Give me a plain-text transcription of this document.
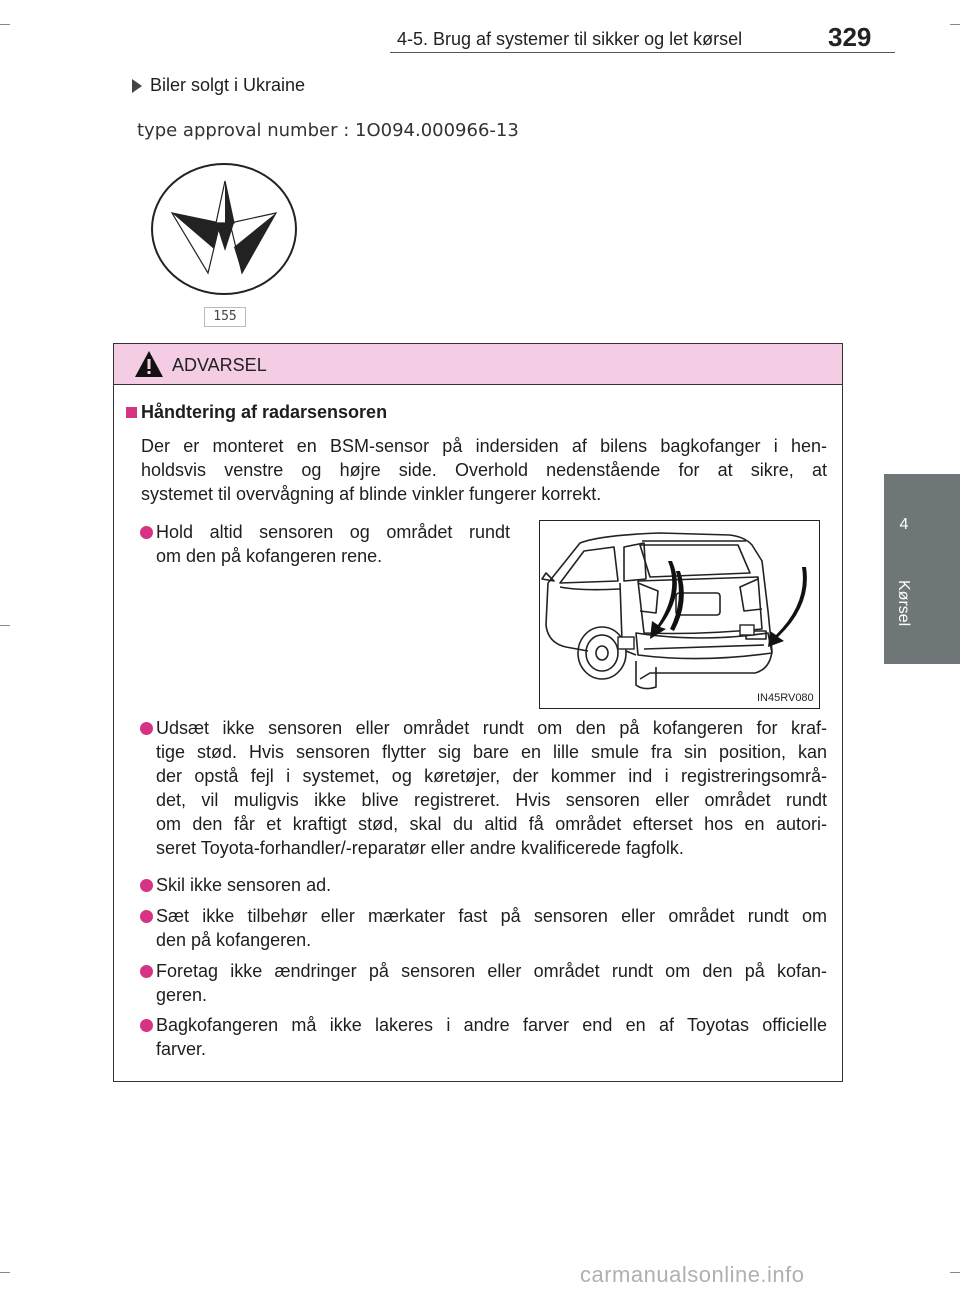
4-5. Brug af systemer til sikker og let kørsel	329
4
Kørsel
Biler solgt i Ukraine
type approval number : 1O094.000966-13
155
ADVARSEL
Håndtering af radarsensoren
Der er monteret en BSM-sensor på indersiden af bilens bagkofanger i hen-
holdsvis venstre og højre side. Overhold nedenstående for at sikre, at
systemet til overvågning af blinde vinkler fungerer korrekt.
Hold altid sensoren og området rundt
om den på kofangeren rene.
IN45RV080
Udsæt ikke sensoren eller området rundt om den på kofangeren for kraf-
tige stød. Hvis sensoren flytter sig bare en lille smule fra sin position, kan
der opstå fejl i systemet, og køretøjer, der kommer ind i registreringsområ-
det, vil muligvis ikke blive registreret. Hvis sensoren eller området rundt
om den får et kraftigt stød, skal du altid få området efterset hos en autori-
seret Toyota-forhandler/-reparatør eller andre kvalificerede fagfolk.
Skil ikke sensoren ad.
Sæt ikke tilbehør eller mærkater fast på sensoren eller området rundt om
den på kofangeren.
Foretag ikke ændringer på sensoren eller området rundt om den på kofan-
geren.
Bagkofangeren må ikke lakeres i andre farver end en af Toyotas officielle
farver.
carmanualsonline.info
